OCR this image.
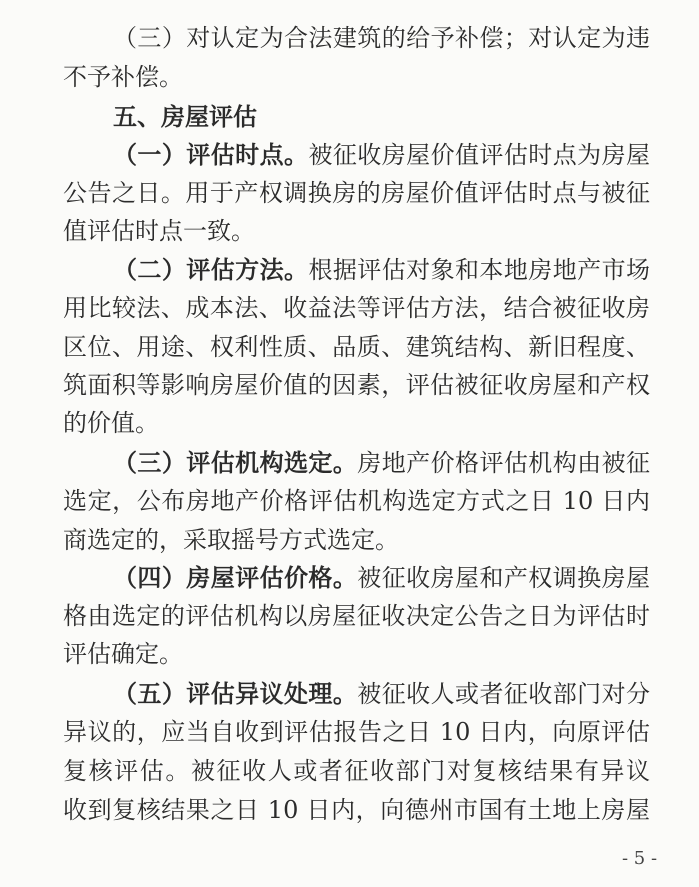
（三）对认定为合法建筑的给予补偿；对认定为违
不予补偿。
五、房屋评估
（一）评估时点。被征收房屋价值评估时点为房屋
公告之日。用于产权调换房的房屋价值评估时点与被征
值评估时点一致。
（二）评估方法。根据评估对象和本地房地产市场
用比较法、成本法、收益法等评估方法，结合被征收房
区位、用途、权利性质、品质、建筑结构、新旧程度、
筑面积等影响房屋价值的因素，评估被征收房屋和产权
的价值。
（三）评估机构选定。房地产价格评估机构由被征
选定，公布房地产价格评估机构选定方式之日 10 日内
商选定的，采取摇号方式选定。
（四）房屋评估价格。被征收房屋和产权调换房屋
格由选定的评估机构以房屋征收决定公告之日为评估时
评估确定。
（五）评估异议处理。被征收人或者征收部门对分
异议的，应当自收到评估报告之日 10 日内，向原评估
复核评估。被征收人或者征收部门对复核结果有异议
收到复核结果之日 10 日内，向德州市国有土地上房屋
- 5 -
